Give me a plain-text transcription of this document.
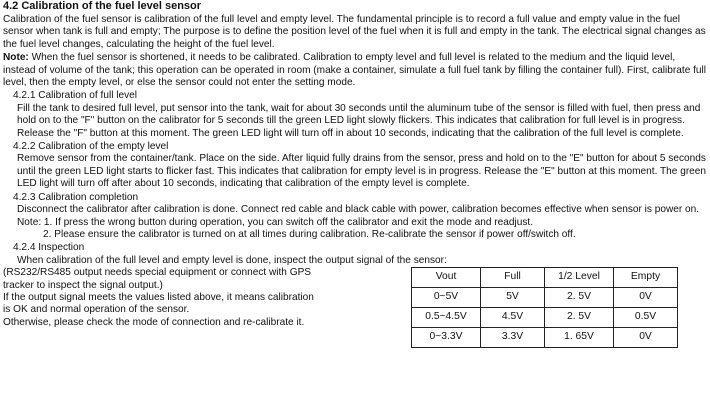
4.2 Calibration of the fuel level sensor

Calibration of the fuel sensor is calibration of the full level and empty level. The fundamental principle is to record a full value and empty value in the fuel sensor when tank is full and empty; The purpose is to define the position level of the fuel when it is full and empty in the tank. The electrical signal changes as the fuel level changes, calculating the height of the fuel level.

Note: When the fuel sensor is shortened, it needs to be calibrated. Calibration to empty level and full level is related to the medium and the liquid level, instead of volume of the tank; this operation can be operated in room (make a container, simulate a full fuel tank by filling the container full). First, calibrate full level, then the empty level, or else the sensor could not enter the setting mode.

4.2.1 Calibration of full level

Fill the tank to desired full level, put sensor into the tank, wait for about 30 seconds until the aluminum tube of the sensor is filled with fuel, then press and hold on to the "F" button on the calibrator for 5 seconds till the green LED light slowly flickers. This indicates that calibration for full level is in progress. Release the "F" button at this moment. The green LED light will turn off in about 10 seconds, indicating that the calibration of the full level is complete.

4.2.2 Calibration of the empty level

Remove sensor from the container/tank. Place on the side. After liquid fully drains from the sensor, press and hold on to the "E" button for about 5 seconds until the green LED light starts to flicker fast. This indicates that calibration for empty level is in progress. Release the "E" button at this moment. The green LED light will turn off after about 10 seconds, indicating that calibration of the empty level is complete.

4.2.3 Calibration completion

Disconnect the calibrator after calibration is done. Connect red cable and black cable with power, calibration becomes effective when sensor is power on.

Note: 1. If press the wrong button during operation, you can switch off the calibrator and exit the mode and readjust.

2. Please ensure the calibrator is turned on at all times during calibration. Re-calibrate the sensor if power off/switch off.

4.2.4 Inspection

When calibration of the full level and empty level is done, inspect the output signal of the sensor:

(RS232/RS485 output needs special equipment or connect with GPS

tracker to inspect the signal output.)

If the output signal meets the values listed above, it means calibration

is OK and normal operation of the sensor.

Otherwise, please check the mode of connection and re-calibrate it.

Vout	Full	1/2 Level	Empty
0~5V	5V	2. 5V	0V
0.5~4.5V	4.5V	2. 5V	0.5V
0~3.3V	3.3V	1. 65V	0V
